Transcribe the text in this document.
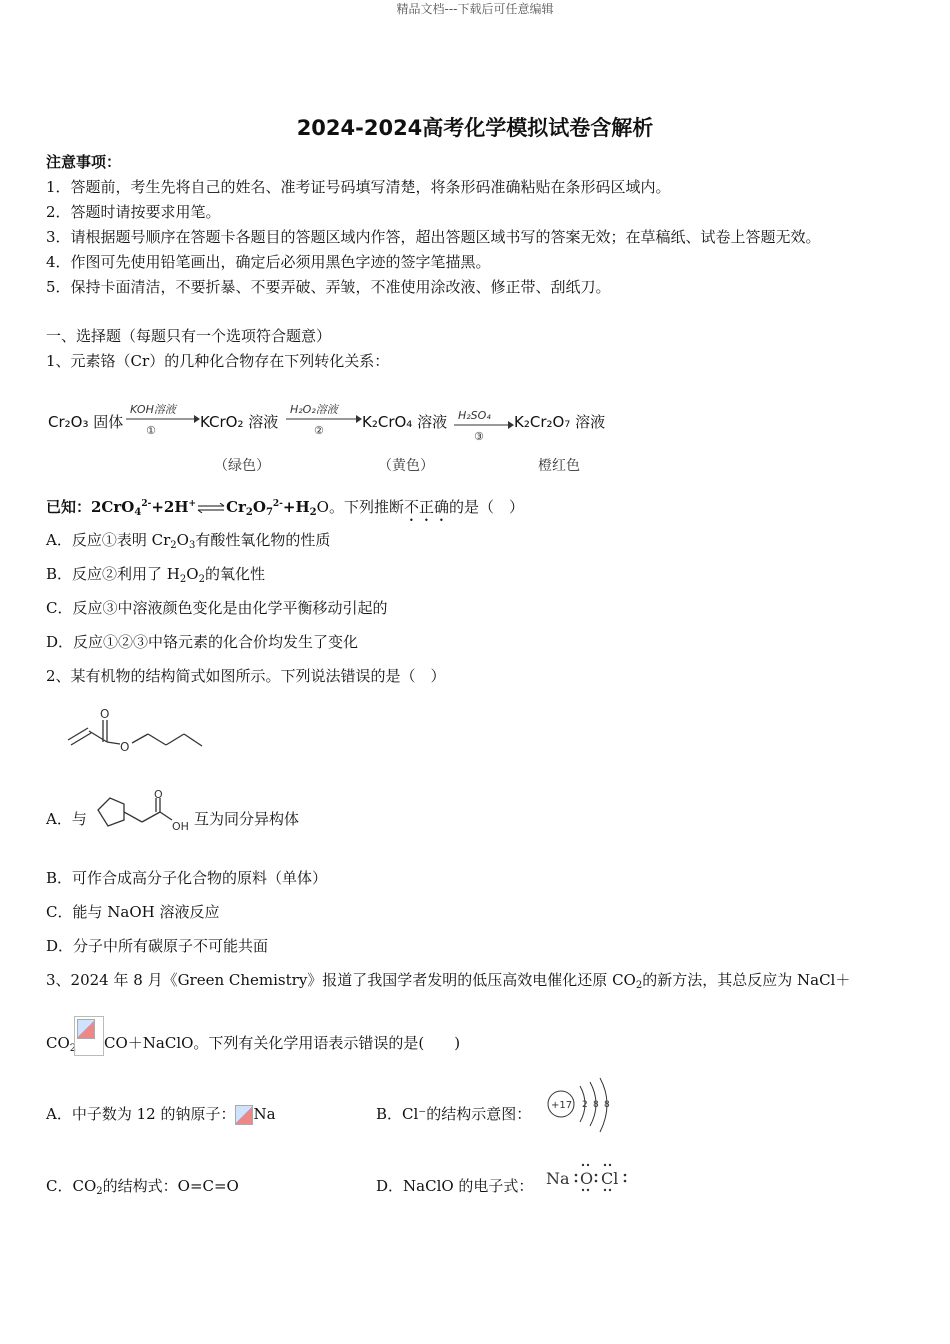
精品文档---下载后可任意编辑
2024-2024高考化学模拟试卷含解析
注意事项：
1．答题前，考生先将自己的姓名、准考证号码填写清楚，将条形码准确粘贴在条形码区域内。
2．答题时请按要求用笔。
3．请根据题号顺序在答题卡各题目的答题区域内作答，超出答题区域书写的答案无效；在草稿纸、试卷上答题无效。
4．作图可先使用铅笔画出，确定后必须用黑色字迹的签字笔描黑。
5．保持卡面清洁，不要折暴、不要弄破、弄皱，不准使用涂改液、修正带、刮纸刀。
一、选择题（每题只有一个选项符合题意）
1、元素铬（Cr）的几种化合物存在下列转化关系：
Cr₂O₃ 固体
KOH溶液
①	KCrO₂ 溶液
H₂O₂溶液
②	K₂CrO₄ 溶液 H₂SO₄
③
K₂Cr₂O₇ 溶液
（绿色）	（黄色）	橙红色
已知：$2CrO_4^{2-}+2H^+\rightleftharpoons Cr_2O_7^{2-}+H_2O$。下列推断不正确的是（　）
A．反应①表明 $Cr_2O_3$有酸性氧化物的性质
B．反应②利用了 $H_2O_2$的氧化性
C．反应③中溶液颜色变化是由化学平衡移动引起的
D．反应①②③中铬元素的化合价均发生了变化
2、某有机物的结构简式如图所示。下列说法错误的是（　）
O
O
A．与
O
OH 互为同分异构体
B．可作合成高分子化合物的原料（单体）
C．能与 NaOH 溶液反应
D．分子中所有碳原子不可能共面
3、2024 年 8 月《Green Chemistry》报道了我国学者发明的低压高效电催化还原 $CO_2$的新方法，其总反应为 NaCl＋
$CO_2$ CO＋NaClO。下列有关化学用语表示错误的是(　　)
A．中子数为 12 的钠原子： Na	B．Cl⁻的结构示意图： +17 2 8 8
C．$CO_2$的结构式：O=C=O	D．NaClO 的电子式： Na O Cl
